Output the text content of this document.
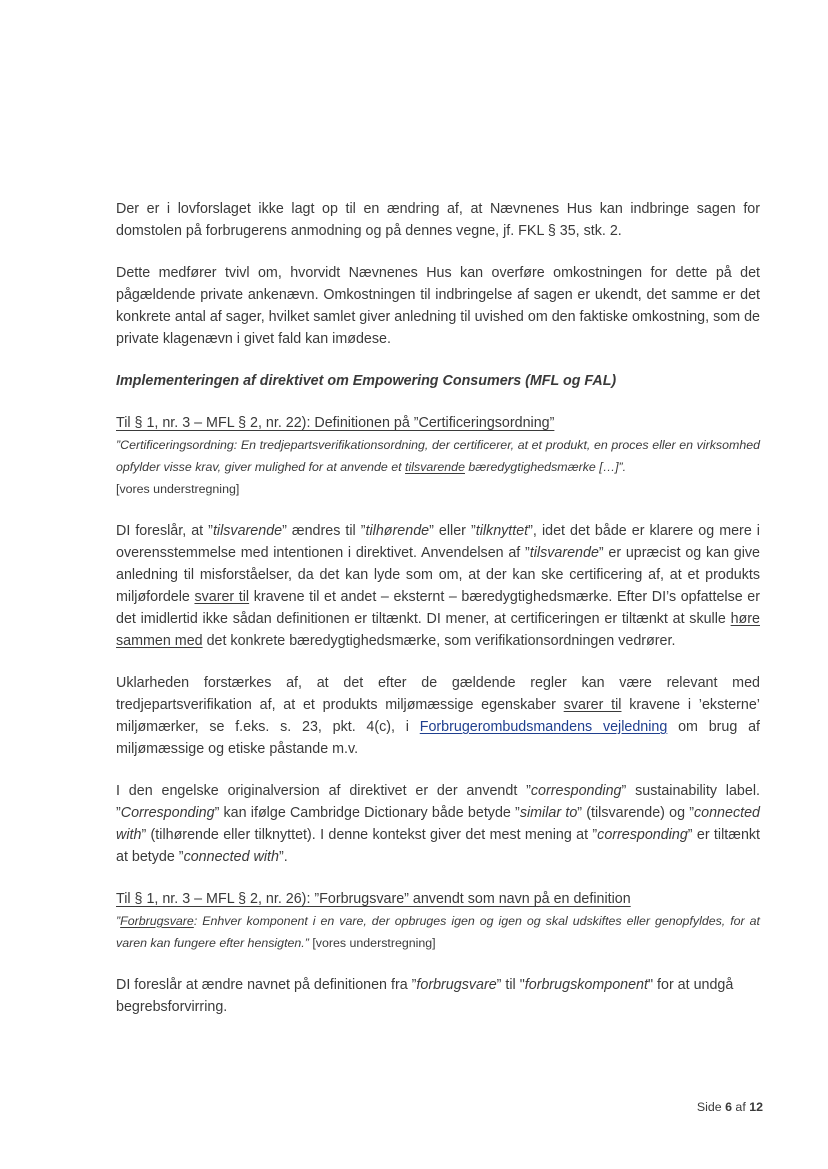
Der er i lovforslaget ikke lagt op til en ændring af, at Nævnenes Hus kan indbringe sagen for domstolen på forbrugerens anmodning og på dennes vegne, jf. FKL § 35, stk. 2.

Dette medfører tvivl om, hvorvidt Nævnenes Hus kan overføre omkostningen for dette på det pågældende private ankenævn. Omkostningen til indbringelse af sagen er ukendt, det samme er det konkrete antal af sager, hvilket samlet giver anledning til uvished om den faktiske omkostning, som de private klagenævn i givet fald kan imødese.

Implementeringen af direktivet om Empowering Consumers (MFL og FAL)

Til § 1, nr. 3 – MFL § 2, nr. 22): Definitionen på ”Certificeringsordning”

”Certificeringsordning: En tredjepartsverifikationsordning, der certificerer, at et produkt, en proces eller en virksomhed opfylder visse krav, giver mulighed for at anvende et tilsvarende bæredygtighedsmærke […]”.

[vores understregning]

DI foreslår, at ”tilsvarende” ændres til ”tilhørende” eller ”tilknyttet”, idet det både er klarere og mere i overensstemmelse med intentionen i direktivet. Anvendelsen af ”tilsvarende” er upræcist og kan give anledning til misforståelser, da det kan lyde som om, at der kan ske certificering af, at et produkts miljøfordele svarer til kravene til et andet – eksternt – bæredygtighedsmærke. Efter DI’s opfattelse er det imidlertid ikke sådan definitionen er tiltænkt. DI mener, at certificeringen er tiltænkt at skulle høre sammen med det konkrete bæredygtighedsmærke, som verifikationsordningen vedrører.

Uklarheden forstærkes af, at det efter de gældende regler kan være relevant med tredjepartsverifikation af, at et produkts miljømæssige egenskaber svarer til kravene i ’eksterne’ miljømærker, se f.eks. s. 23, pkt. 4(c), i Forbrugerombudsmandens vejledning om brug af miljømæssige og etiske påstande m.v.

I den engelske originalversion af direktivet er der anvendt ”corresponding” sustainability label. ”Corresponding” kan ifølge Cambridge Dictionary både betyde ”similar to” (tilsvarende) og ”connected with” (tilhørende eller tilknyttet). I denne kontekst giver det mest mening at ”corresponding” er tiltænkt at betyde ”connected with”.

Til § 1, nr. 3 – MFL § 2, nr. 26): ”Forbrugsvare” anvendt som navn på en definition

”Forbrugsvare: Enhver komponent i en vare, der opbruges igen og igen og skal udskiftes eller genopfyldes, for at varen kan fungere efter hensigten.” [vores understregning]

DI foreslår at ændre navnet på definitionen fra ”forbrugsvare” til "forbrugskomponent" for at undgå begrebsforvirring.

Side 6 af 12
